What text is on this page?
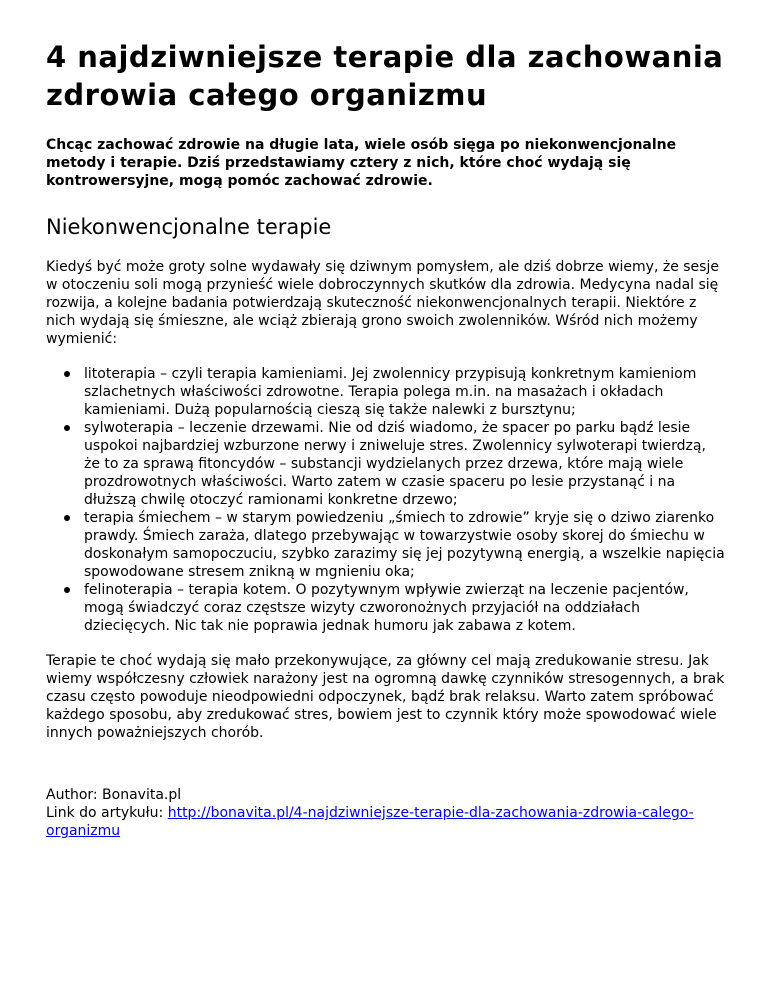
4 najdziwniejsze terapie dla zachowania zdrowia całego organizmu

Chcąc zachować zdrowie na długie lata, wiele osób sięga po niekonwencjonalne metody i terapie. Dziś przedstawiamy cztery z nich, które choć wydają się kontrowersyjne, mogą pomóc zachować zdrowie.

Niekonwencjonalne terapie

Kiedyś być może groty solne wydawały się dziwnym pomysłem, ale dziś dobrze wiemy, że sesje w otoczeniu soli mogą przynieść wiele dobroczynnych skutków dla zdrowia. Medycyna nadal się rozwija, a kolejne badania potwierdzają skuteczność niekonwencjonalnych terapii. Niektóre z nich wydają się śmieszne, ale wciąż zbierają grono swoich zwolenników. Wśród nich możemy wymienić:

litoterapia – czyli terapia kamieniami. Jej zwolennicy przypisują konkretnym kamieniom szlachetnych właściwości zdrowotne. Terapia polega m.in. na masażach i okładach kamieniami. Dużą popularnością cieszą się także nalewki z bursztynu;
sylwoterapia – leczenie drzewami. Nie od dziś wiadomo, że spacer po parku bądź lesie uspokoi najbardziej wzburzone nerwy i zniweluje stres. Zwolennicy sylwoterapi twierdzą, że to za sprawą fitoncydów – substancji wydzielanych przez drzewa, które mają wiele prozdrowotnych właściwości. Warto zatem w czasie spaceru po lesie przystanąć i na dłuższą chwilę otoczyć ramionami konkretne drzewo;
terapia śmiechem – w starym powiedzeniu „śmiech to zdrowie” kryje się o dziwo ziarenko prawdy. Śmiech zaraża, dlatego przebywając w towarzystwie osoby skorej do śmiechu w doskonałym samopoczuciu, szybko zarazimy się jej pozytywną energią, a wszelkie napięcia spowodowane stresem znikną w mgnieniu oka;
felinoterapia – terapia kotem. O pozytywnym wpływie zwierząt na leczenie pacjentów, mogą świadczyć coraz częstsze wizyty czworonożnych przyjaciół na oddziałach dziecięcych. Nic tak nie poprawia jednak humoru jak zabawa z kotem.

Terapie te choć wydają się mało przekonywujące, za główny cel mają zredukowanie stresu. Jak wiemy współczesny człowiek narażony jest na ogromną dawkę czynników stresogennych, a brak czasu często powoduje nieodpowiedni odpoczynek, bądź brak relaksu. Warto zatem spróbować każdego sposobu, aby zredukować stres, bowiem jest to czynnik który może spowodować wiele innych poważniejszych chorób.

Author: Bonavita.pl
Link do artykułu: http://bonavita.pl/4-najdziwniejsze-terapie-dla-zachowania-zdrowia-calego-organizmu
